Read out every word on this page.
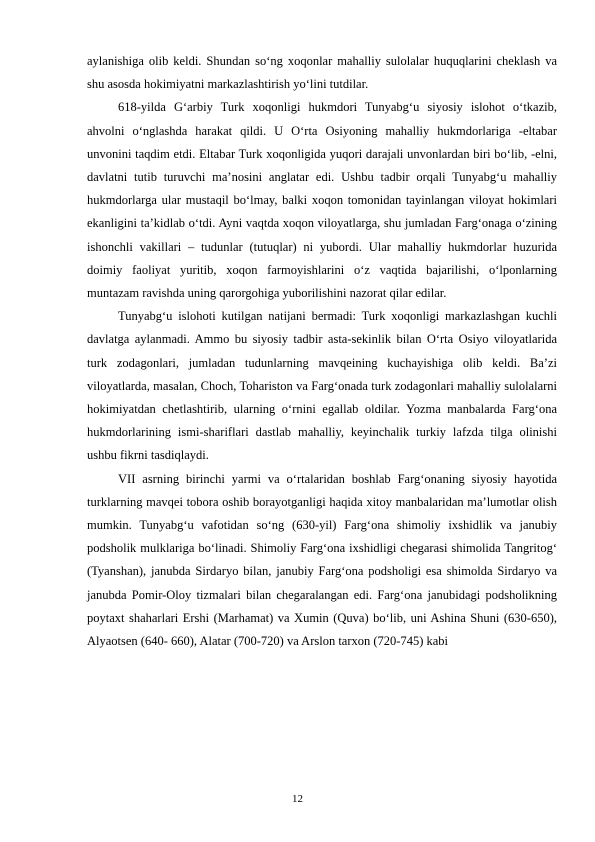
aylanishiga olib keldi. Shundan so‘ng xoqonlar mahalliy sulolalar huquqlarini cheklash va shu asosda hokimiyatni markazlashtirish yo‘lini tutdilar.

618-yilda G‘arbiy Turk xoqonligi hukmdori Tunyabg‘u siyosiy islohot o‘tkazib, ahvolni o‘nglashda harakat qildi. U O‘rta Osiyoning mahalliy hukmdorlariga -eltabar unvonini taqdim etdi. Eltabar Turk xoqonligida yuqori darajali unvonlardan biri bo‘lib, -elni, davlatni tutib turuvchi ma’nosini anglatar edi. Ushbu tadbir orqali Tunyabg‘u mahalliy hukmdorlarga ular mustaqil bo‘lmay, balki xoqon tomonidan tayinlangan viloyat hokimlari ekanligini ta’kidlab o‘tdi. Ayni vaqtda xoqon viloyatlarga, shu jumladan Farg‘onaga o‘zining ishonchli vakillari – tudunlar (tutuqlar) ni yubordi. Ular mahalliy hukmdorlar huzurida doimiy faoliyat yuritib, xoqon farmoyishlarini o‘z vaqtida bajarilishi, o‘lponlarning muntazam ravishda uning qarorgohiga yuborilishini nazorat qilar edilar.

Tunyabg‘u islohoti kutilgan natijani bermadi: Turk xoqonligi markazlashgan kuchli davlatga aylanmadi. Ammo bu siyosiy tadbir asta-sekinlik bilan O‘rta Osiyo viloyatlarida turk zodagonlari, jumladan tudunlarning mavqeining kuchayishiga olib keldi. Ba’zi viloyatlarda, masalan, Choch, Tohariston va Farg‘onada turk zodagonlari mahalliy sulolalarni hokimiyatdan chetlashtirib, ularning o‘rnini egallab oldilar. Yozma manbalarda Farg‘ona hukmdorlarining ismi-shariflari dastlab mahalliy, keyinchalik turkiy lafzda tilga olinishi ushbu fikrni tasdiqlaydi.

VII asrning birinchi yarmi va o‘rtalaridan boshlab Farg‘onaning siyosiy hayotida turklarning mavqei tobora oshib borayotganligi haqida xitoy manbalaridan ma’lumotlar olish mumkin. Tunyabg‘u vafotidan so‘ng (630-yil) Farg‘ona shimoliy ixshidlik va janubiy podsholik mulklariga bo‘linadi. Shimoliy Farg‘ona ixshidligi chegarasi shimolida Tangritog‘ (Tyanshan), janubda Sirdaryo bilan, janubiy Farg‘ona podsholigi esa shimolda Sirdaryo va janubda Pomir-Oloy tizmalari bilan chegaralangan edi. Farg‘ona janubidagi podsholikning poytaxt shaharlari Ershi (Marhamat) va Xumin (Quva) bo‘lib, uni Ashina Shuni (630-650), Alyaotsen (640- 660), Alatar (700-720) va Arslon tarxon (720-745) kabi

12
